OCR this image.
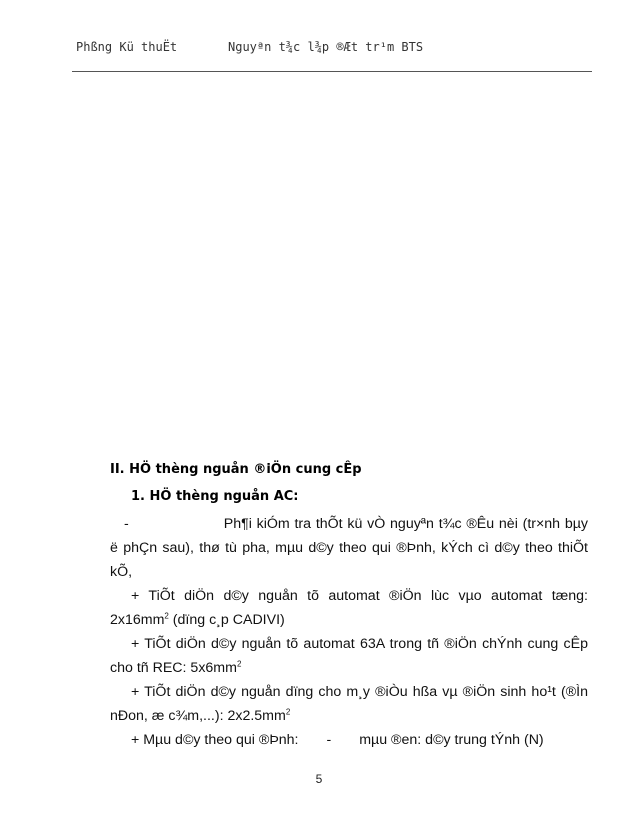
Phßng Kü thuËt	Nguyªn t¾c l¾p ®Æt tr¹m BTS
II. HÖ thèng nguån ®iÖn cung cÊp
1. HÖ thèng nguån AC:

-	Ph¶i kiÓm tra thÕt kü vÒ nguyªn t¾c ®Êu nèi (tr×nh bµy ë phÇn sau), thø tù pha, mµu d©y theo qui ®Þnh, kÝch cì d©y theo thiÕt kÕ,

+ TiÕt diÖn d©y nguån tõ automat ®iÖn lùc vµo automat tæng: $2x16mm^2$ (dïng c¸p CADIVI)

+ TiÕt diÖn d©y nguån tõ automat 63A trong tñ ®iÖn chÝnh cung cÊp cho tñ REC: $5x6mm^2$

+ TiÕt diÖn d©y nguån dïng cho m¸y ®iÒu hßa vµ ®iÖn sinh ho¹t (®Ìn nÐon, æ c¾m,...): $2x2.5mm^2$

+ Mµu d©y theo qui ®Þnh: - mµu ®en: d©y trung tÝnh (N)

5
